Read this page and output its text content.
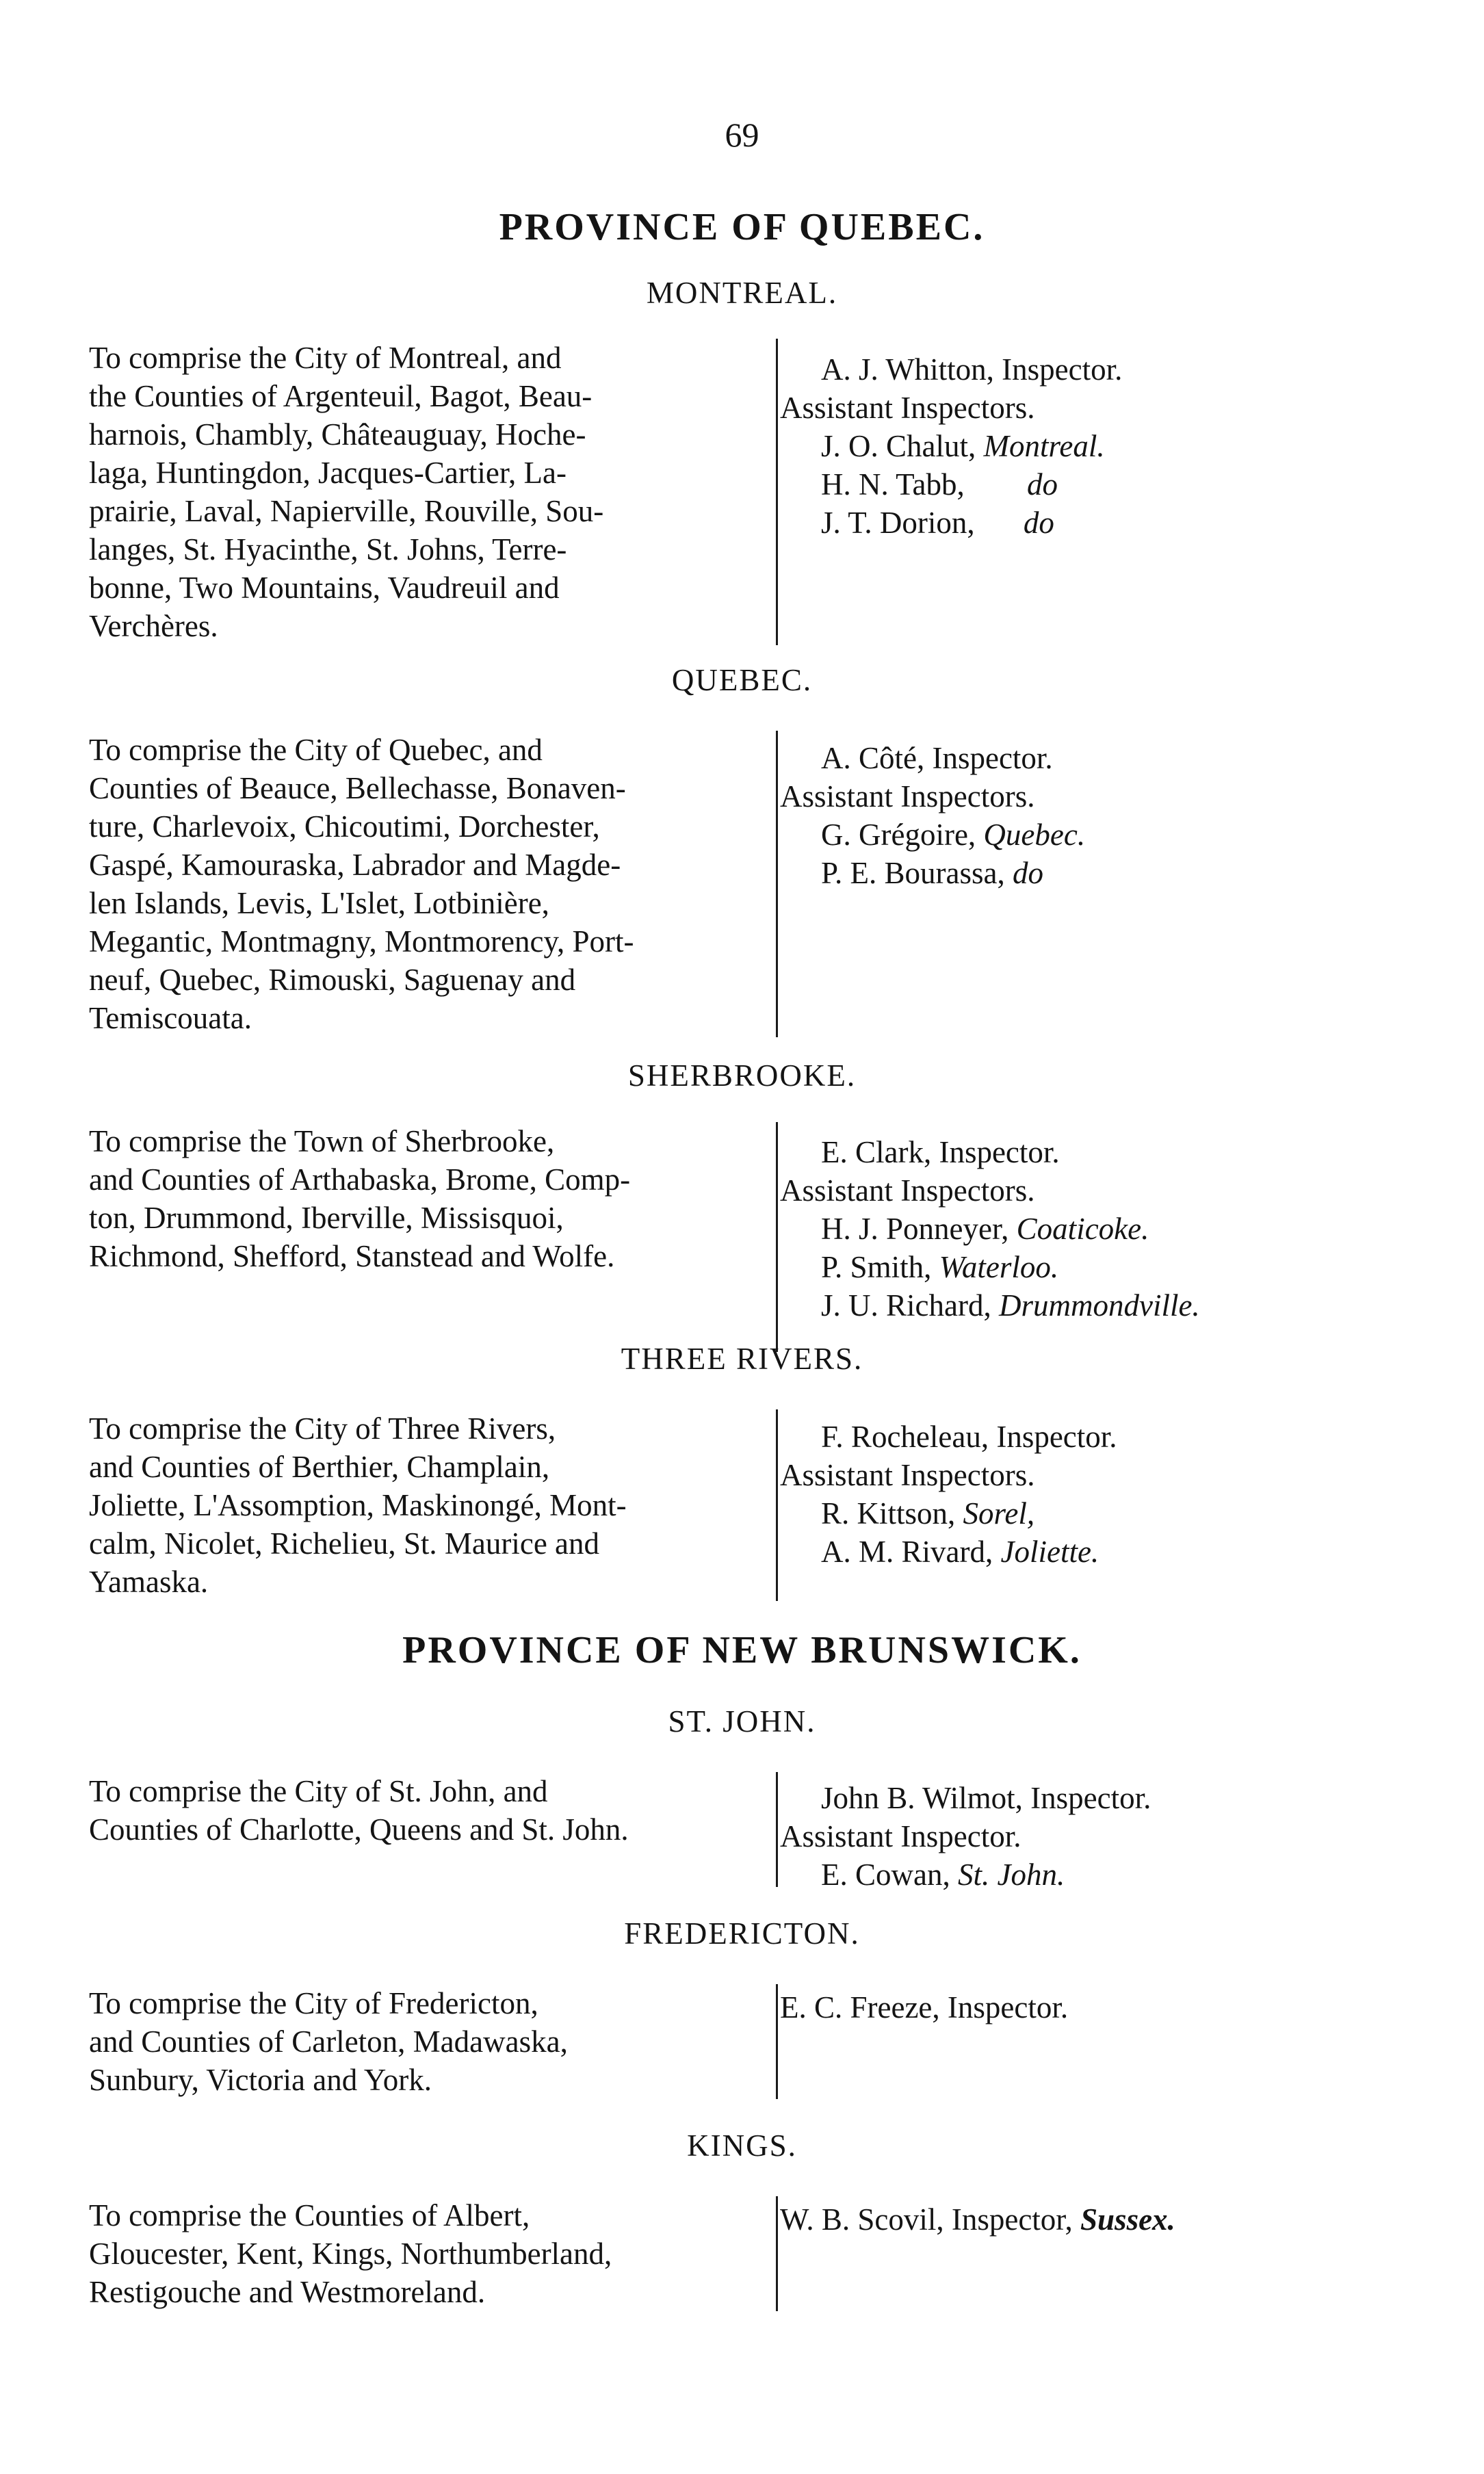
69
PROVINCE OF QUEBEC.
MONTREAL.
To comprise the City of Montreal, and
the Counties of Argenteuil, Bagot, Beau-
harnois, Chambly, Châteauguay, Hoche-
laga, Huntingdon, Jacques-Cartier, La-
prairie, Laval, Napierville, Rouville, Sou-
langes, St. Hyacinthe, St. Johns, Terre-
bonne, Two Mountains, Vaudreuil and
Verchères.
A. J. Whitton, Inspector.
Assistant Inspectors.
J. O. Chalut, Montreal.
H. N. Tabb, do
J. T. Dorion, do
QUEBEC.
To comprise the City of Quebec, and
Counties of Beauce, Bellechasse, Bonaven-
ture, Charlevoix, Chicoutimi, Dorchester,
Gaspé, Kamouraska, Labrador and Magde-
len Islands, Levis, L'Islet, Lotbinière,
Megantic, Montmagny, Montmorency, Port-
neuf, Quebec, Rimouski, Saguenay and
Temiscouata.
A. Côté, Inspector.
Assistant Inspectors.
G. Grégoire, Quebec.
P. E. Bourassa, do
SHERBROOKE.
To comprise the Town of Sherbrooke,
and Counties of Arthabaska, Brome, Comp-
ton, Drummond, Iberville, Missisquoi,
Richmond, Shefford, Stanstead and Wolfe.
E. Clark, Inspector.
Assistant Inspectors.
H. J. Ponneyer, Coaticoke.
P. Smith, Waterloo.
J. U. Richard, Drummondville.
THREE RIVERS.
To comprise the City of Three Rivers,
and Counties of Berthier, Champlain,
Joliette, L'Assomption, Maskinongé, Mont-
calm, Nicolet, Richelieu, St. Maurice and
Yamaska.
F. Rocheleau, Inspector.
Assistant Inspectors.
R. Kittson, Sorel,
A. M. Rivard, Joliette.
PROVINCE OF NEW BRUNSWICK.
ST. JOHN.
To comprise the City of St. John, and
Counties of Charlotte, Queens and St. John.
John B. Wilmot, Inspector.
Assistant Inspector.
E. Cowan, St. John.
FREDERICTON.
To comprise the City of Fredericton,
and Counties of Carleton, Madawaska,
Sunbury, Victoria and York.
E. C. Freeze, Inspector.
KINGS.
To comprise the Counties of Albert,
Gloucester, Kent, Kings, Northumberland,
Restigouche and Westmoreland.
W. B. Scovil, Inspector, Sussex.
